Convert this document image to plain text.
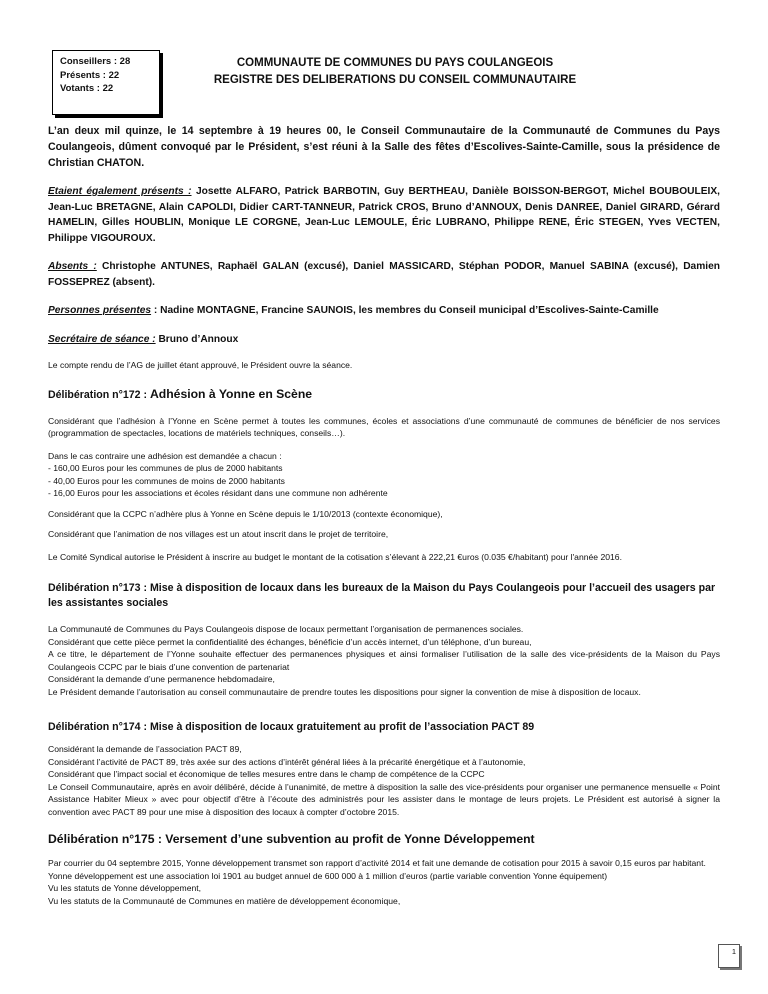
Conseillers : 28
Présents : 22
Votants : 22
COMMUNAUTE DE COMMUNES DU PAYS COULANGEOIS
REGISTRE DES DELIBERATIONS DU CONSEIL COMMUNAUTAIRE

L’an deux mil quinze, le 14 septembre à 19 heures 00, le Conseil Communautaire de la Communauté de Communes du Pays Coulangeois, dûment convoqué par le Président, s’est réuni à la Salle des fêtes d’Escolives-Sainte-Camille, sous la présidence de Christian CHATON.

Etaient également présents : Josette ALFARO, Patrick BARBOTIN, Guy BERTHEAU, Danièle BOISSON-BERGOT, Michel BOUBOULEIX, Jean-Luc BRETAGNE, Alain CAPOLDI, Didier CART-TANNEUR, Patrick CROS, Bruno d’ANNOUX, Denis DANREE, Daniel GIRARD, Gérard HAMELIN, Gilles HOUBLIN, Monique LE CORGNE, Jean-Luc LEMOULE, Éric LUBRANO, Philippe RENE, Éric STEGEN, Yves VECTEN, Philippe VIGOUROUX.

Absents : Christophe ANTUNES, Raphaël GALAN (excusé), Daniel MASSICARD, Stéphan PODOR, Manuel SABINA (excusé), Damien FOSSEPREZ (absent).

Personnes présentes : Nadine MONTAGNE, Francine SAUNOIS, les membres du Conseil municipal d’Escolives-Sainte-Camille

Secrétaire de séance : Bruno d’Annoux

Le compte rendu de l’AG de juillet étant approuvé, le Président ouvre la séance.

Délibération n°172 : Adhésion à Yonne en Scène

Considérant que l’adhésion à l’Yonne en Scène permet à toutes les communes, écoles et associations d’une communauté de communes de bénéficier de nos services (programmation de spectacles, locations de matériels techniques, conseils…).

Dans le cas contraire une adhésion est demandée a chacun :

- 160,00 Euros pour les communes de plus de 2000 habitants

- 40,00 Euros pour les communes de moins de 2000 habitants

- 16,00 Euros pour les associations et écoles résidant dans une commune non adhérente

Considérant que la CCPC n’adhère plus à Yonne en Scène depuis le 1/10/2013 (contexte économique),

Considérant que l’animation de nos villages est un atout inscrit dans le projet de territoire,

Le Comité Syndical autorise le Président à inscrire au budget le montant de la cotisation s’élevant à 222,21 €uros (0.035 €/habitant) pour l'année 2016.

Délibération n°173 : Mise à disposition de locaux dans les bureaux de la Maison du Pays Coulangeois pour l’accueil des usagers par les assistantes sociales

La Communauté de Communes du Pays Coulangeois dispose de locaux permettant l’organisation de permanences sociales.

Considérant que cette pièce permet la confidentialité des échanges, bénéficie d’un accès internet, d’un téléphone, d’un bureau,

A ce titre, le département de l’Yonne souhaite effectuer des permanences physiques et ainsi formaliser l’utilisation de la salle des vice-présidents de la Maison du Pays Coulangeois CCPC par le biais d’une convention de partenariat

Considérant la demande d’une permanence hebdomadaire,

Le Président demande l’autorisation au conseil communautaire de prendre toutes les dispositions pour signer la convention de mise à disposition de locaux.

Délibération n°174 : Mise à disposition de locaux gratuitement au profit de l’association PACT 89

Considérant la demande de l’association PACT 89,

Considérant l’activité de PACT 89, très axée sur des actions d’intérêt général liées à la précarité énergétique et à l’autonomie,

Considérant que l’impact social et économique de telles mesures entre dans le champ de compétence de la CCPC

Le Conseil Communautaire, après en avoir délibéré, décide à l’unanimité, de mettre à disposition la salle des vice-présidents pour organiser une permanence mensuelle « Point Assistance Habiter Mieux » avec pour objectif d’être à l’écoute des administrés pour les assister dans le montage de leurs projets. Le Président est autorisé à signer la convention avec PACT 89 pour une mise à disposition des locaux à compter d’octobre 2015.

Délibération n°175 : Versement d’une subvention au profit de Yonne Développement

Par courrier du 04 septembre 2015, Yonne développement transmet son rapport d’activité 2014 et fait une demande de cotisation pour 2015 à savoir 0,15 euros par habitant.

Yonne développement est une association loi 1901 au budget annuel de 600 000 à 1 million d’euros (partie variable convention Yonne équipement)

Vu les statuts de Yonne développement,

Vu les statuts de la Communauté de Communes en matière de développement économique,

1
